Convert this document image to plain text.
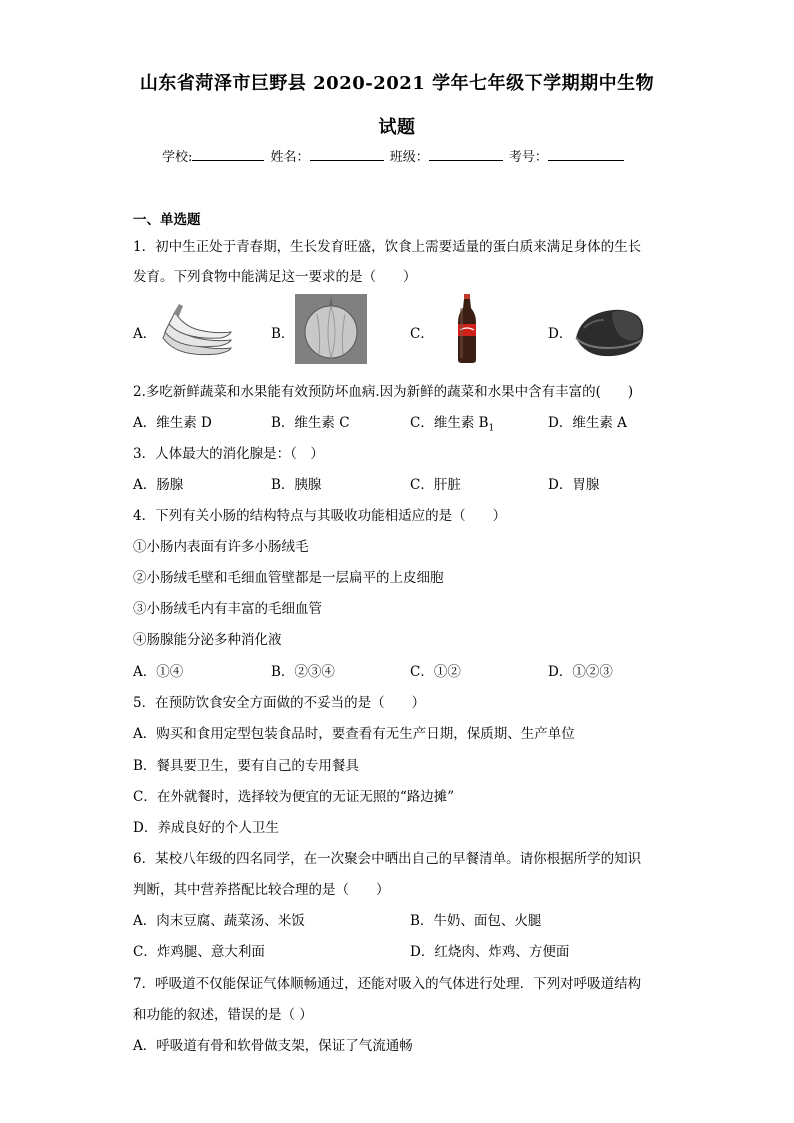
山东省菏泽市巨野县 2020-2021 学年七年级下学期期中生物
试题
学校:	姓名：	班级：	考号：
一、单选题
1．初中生正处于青春期，生长发育旺盛，饮食上需要适量的蛋白质来满足身体的生长
发育。下列食物中能满足这一要求的是（　　）
A．	B．	C．	D．
2.多吃新鲜蔬菜和水果能有效预防坏血病.因为新鲜的蔬菜和水果中含有丰富的(　　)
A．维生素 D	B．维生素 C	C．维生素 $B_1$	D．维生素 A
3．人体最大的消化腺是：（　）
A．肠腺	B．胰腺	C．肝脏	D．胃腺
4．下列有关小肠的结构特点与其吸收功能相适应的是（　　）
①小肠内表面有许多小肠绒毛
②小肠绒毛壁和毛细血管壁都是一层扁平的上皮细胞
③小肠绒毛内有丰富的毛细血管
④肠腺能分泌多种消化液
A．①④	B．②③④	C．①②	D．①②③
5．在预防饮食安全方面做的不妥当的是（　　）
A．购买和食用定型包装食品时，要查看有无生产日期，保质期、生产单位
B．餐具要卫生，要有自己的专用餐具
C．在外就餐时，选择较为便宜的无证无照的“路边摊”
D．养成良好的个人卫生
6．某校八年级的四名同学，在一次聚会中晒出自己的早餐清单。请你根据所学的知识
判断，其中营养搭配比较合理的是（　　）
A．肉末豆腐、蔬菜汤、米饭	B．牛奶、面包、火腿
C．炸鸡腿、意大利面	D．红烧肉、炸鸡、方便面
7．呼吸道不仅能保证气体顺畅通过，还能对吸入的气体进行处理．下列对呼吸道结构
和功能的叙述，错误的是（ ）
A．呼吸道有骨和软骨做支架，保证了气流通畅
